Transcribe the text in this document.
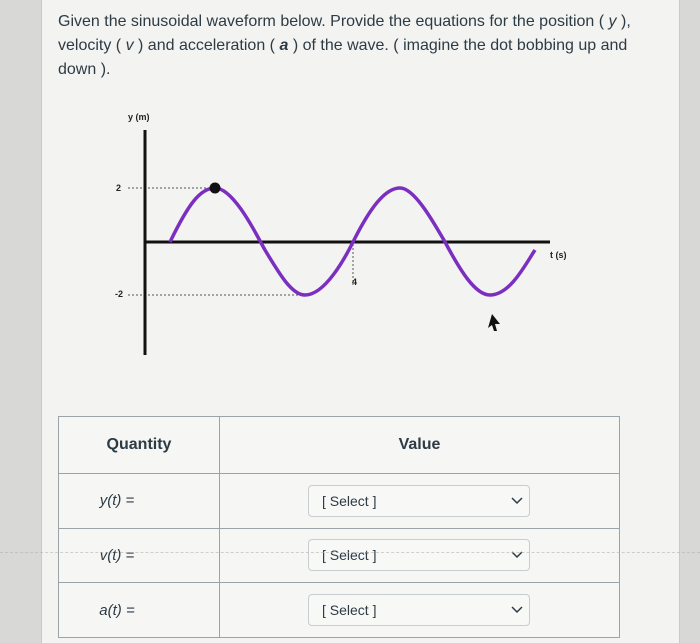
Given the sinusoidal waveform below. Provide the equations for the position ( y ), velocity ( v ) and acceleration ( a ) of the wave. ( imagine the dot bobbing up and down ).
y (m)
t (s)
2
-2
4
Quantity	Value
y(t) =	[ Select ]

v(t) =	[ Select ]

a(t) =	[ Select ]
